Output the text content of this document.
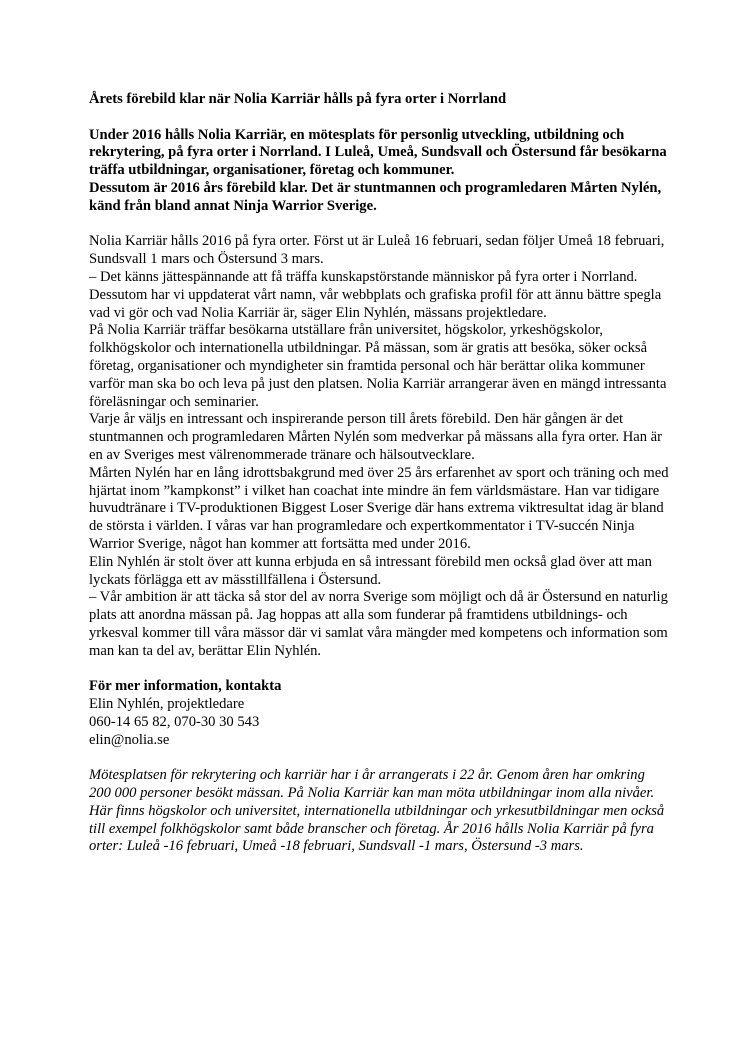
Årets förebild klar när Nolia Karriär hålls på fyra orter i Norrland

Under 2016 hålls Nolia Karriär, en mötesplats för personlig utveckling, utbildning och rekrytering, på fyra orter i Norrland. I Luleå, Umeå, Sundsvall och Östersund får besökarna träffa utbildningar, organisationer, företag och kommuner.

Dessutom är 2016 års förebild klar. Det är stuntmannen och programledaren Mårten Nylén, känd från bland annat Ninja Warrior Sverige.

Nolia Karriär hålls 2016 på fyra orter. Först ut är Luleå 16 februari, sedan följer Umeå 18 februari, Sundsvall 1 mars och Östersund 3 mars.

– Det känns jättespännande att få träffa kunskapstörstande människor på fyra orter i Norrland. Dessutom har vi uppdaterat vårt namn, vår webbplats och grafiska profil för att ännu bättre spegla vad vi gör och vad Nolia Karriär är, säger Elin Nyhlén, mässans projektledare.

På Nolia Karriär träffar besökarna utställare från universitet, högskolor, yrkeshögskolor, folkhögskolor och internationella utbildningar. På mässan, som är gratis att besöka, söker också företag, organisationer och myndigheter sin framtida personal och här berättar olika kommuner varför man ska bo och leva på just den platsen. Nolia Karriär arrangerar även en mängd intressanta föreläsningar och seminarier.

Varje år väljs en intressant och inspirerande person till årets förebild. Den här gången är det stuntmannen och programledaren Mårten Nylén som medverkar på mässans alla fyra orter. Han är en av Sveriges mest välrenommerade tränare och hälsoutvecklare.

Mårten Nylén har en lång idrottsbakgrund med över 25 års erfarenhet av sport och träning och med hjärtat inom ”kampkonst” i vilket han coachat inte mindre än fem världsmästare. Han var tidigare huvudtränare i TV-produktionen Biggest Loser Sverige där hans extrema viktresultat idag är bland de största i världen. I våras var han programledare och expertkommentator i TV-succén Ninja Warrior Sverige, något han kommer att fortsätta med under 2016.

Elin Nyhlén är stolt över att kunna erbjuda en så intressant förebild men också glad över att man lyckats förlägga ett av mässtillfällena i Östersund.

– Vår ambition är att täcka så stor del av norra Sverige som möjligt och då är Östersund en naturlig plats att anordna mässan på. Jag hoppas att alla som funderar på framtidens utbildnings- och yrkesval kommer till våra mässor där vi samlat våra mängder med kompetens och information som man kan ta del av, berättar Elin Nyhlén.

För mer information, kontakta

Elin Nyhlén, projektledare

060-14 65 82, 070-30 30 543

elin@nolia.se

Mötesplatsen för rekrytering och karriär har i år arrangerats i 22 år. Genom åren har omkring 200 000 personer besökt mässan. På Nolia Karriär kan man möta utbildningar inom alla nivåer. Här finns högskolor och universitet, internationella utbildningar och yrkesutbildningar men också till exempel folkhögskolor samt både branscher och företag. År 2016 hålls Nolia Karriär på fyra orter: Luleå -16 februari, Umeå -18 februari, Sundsvall -1 mars, Östersund -3 mars.
